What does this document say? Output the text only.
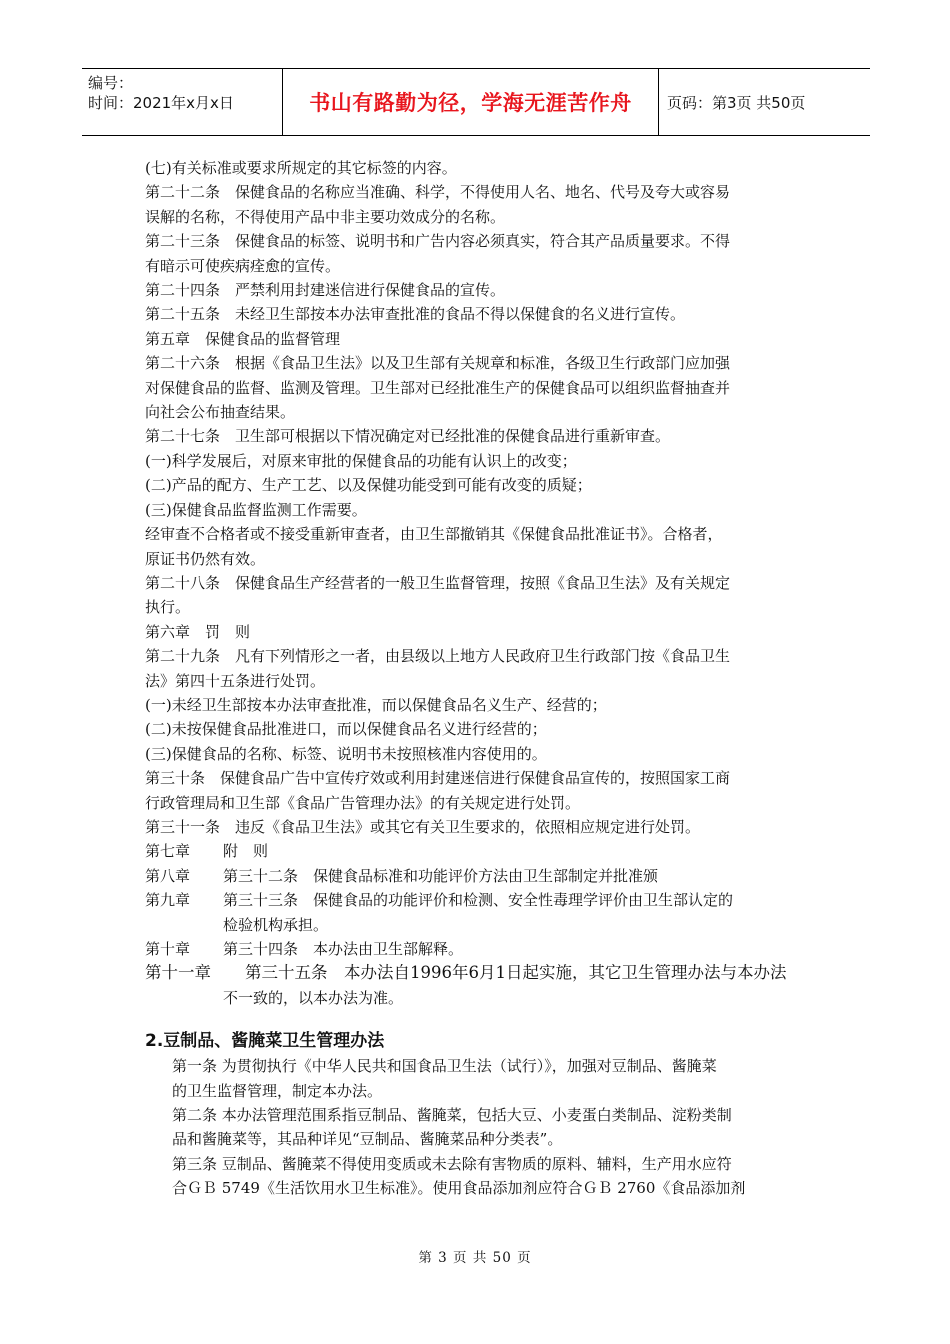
编号：
时间：2021年x月x日	书山有路勤为径，学海无涯苦作舟	页码：第3页 共50页
(七)有关标准或要求所规定的其它标签的内容。
第二十二条　保健食品的名称应当准确、科学，不得使用人名、地名、代号及夸大或容易
误解的名称，不得使用产品中非主要功效成分的名称。
第二十三条　保健食品的标签、说明书和广告内容必须真实，符合其产品质量要求。不得
有暗示可使疾病痊愈的宣传。
第二十四条　严禁利用封建迷信进行保健食品的宣传。
第二十五条　未经卫生部按本办法审查批准的食品不得以保健食的名义进行宣传。
第五章　保健食品的监督管理
第二十六条　根据《食品卫生法》以及卫生部有关规章和标准，各级卫生行政部门应加强
对保健食品的监督、监测及管理。卫生部对已经批准生产的保健食品可以组织监督抽查并
向社会公布抽查结果。
第二十七条　卫生部可根据以下情况确定对已经批准的保健食品进行重新审查。
(一)科学发展后，对原来审批的保健食品的功能有认识上的改变；
(二)产品的配方、生产工艺、以及保健功能受到可能有改变的质疑；
(三)保健食品监督监测工作需要。
经审查不合格者或不接受重新审查者，由卫生部撤销其《保健食品批准证书》。合格者，
原证书仍然有效。
第二十八条　保健食品生产经营者的一般卫生监督管理，按照《食品卫生法》及有关规定
执行。
第六章　罚　则
第二十九条　凡有下列情形之一者，由县级以上地方人民政府卫生行政部门按《食品卫生
法》第四十五条进行处罚。
(一)未经卫生部按本办法审查批准，而以保健食品名义生产、经营的；
(二)未按保健食品批准进口，而以保健食品名义进行经营的；
(三)保健食品的名称、标签、说明书未按照核准内容使用的。
第三十条　保健食品广告中宣传疗效或利用封建迷信进行保健食品宣传的，按照国家工商
行政管理局和卫生部《食品广告管理办法》的有关规定进行处罚。
第三十一条　违反《食品卫生法》或其它有关卫生要求的，依照相应规定进行处罚。
第七章	附　则
第八章	第三十二条　保健食品标准和功能评价方法由卫生部制定并批准颁
第九章	第三十三条　保健食品的功能评价和检测、安全性毒理学评价由卫生部认定的
检验机构承担。
第十章	第三十四条　本办法由卫生部解释。
第十一章	第三十五条　本办法自1996年6月1日起实施，其它卫生管理办法与本办法
不一致的，以本办法为准。
2.豆制品、酱腌菜卫生管理办法
第一条 为贯彻执行《中华人民共和国食品卫生法（试行）》，加强对豆制品、酱腌菜
的卫生监督管理，制定本办法。
第二条 本办法管理范围系指豆制品、酱腌菜，包括大豆、小麦蛋白类制品、淀粉类制
品和酱腌菜等，其品种详见“豆制品、酱腌菜品种分类表”。
第三条 豆制品、酱腌菜不得使用变质或未去除有害物质的原料、辅料，生产用水应符
合ＧＢ 5749《生活饮用水卫生标准》。使用食品添加剂应符合ＧＢ 2760《食品添加剂
第 3 页 共 50 页
